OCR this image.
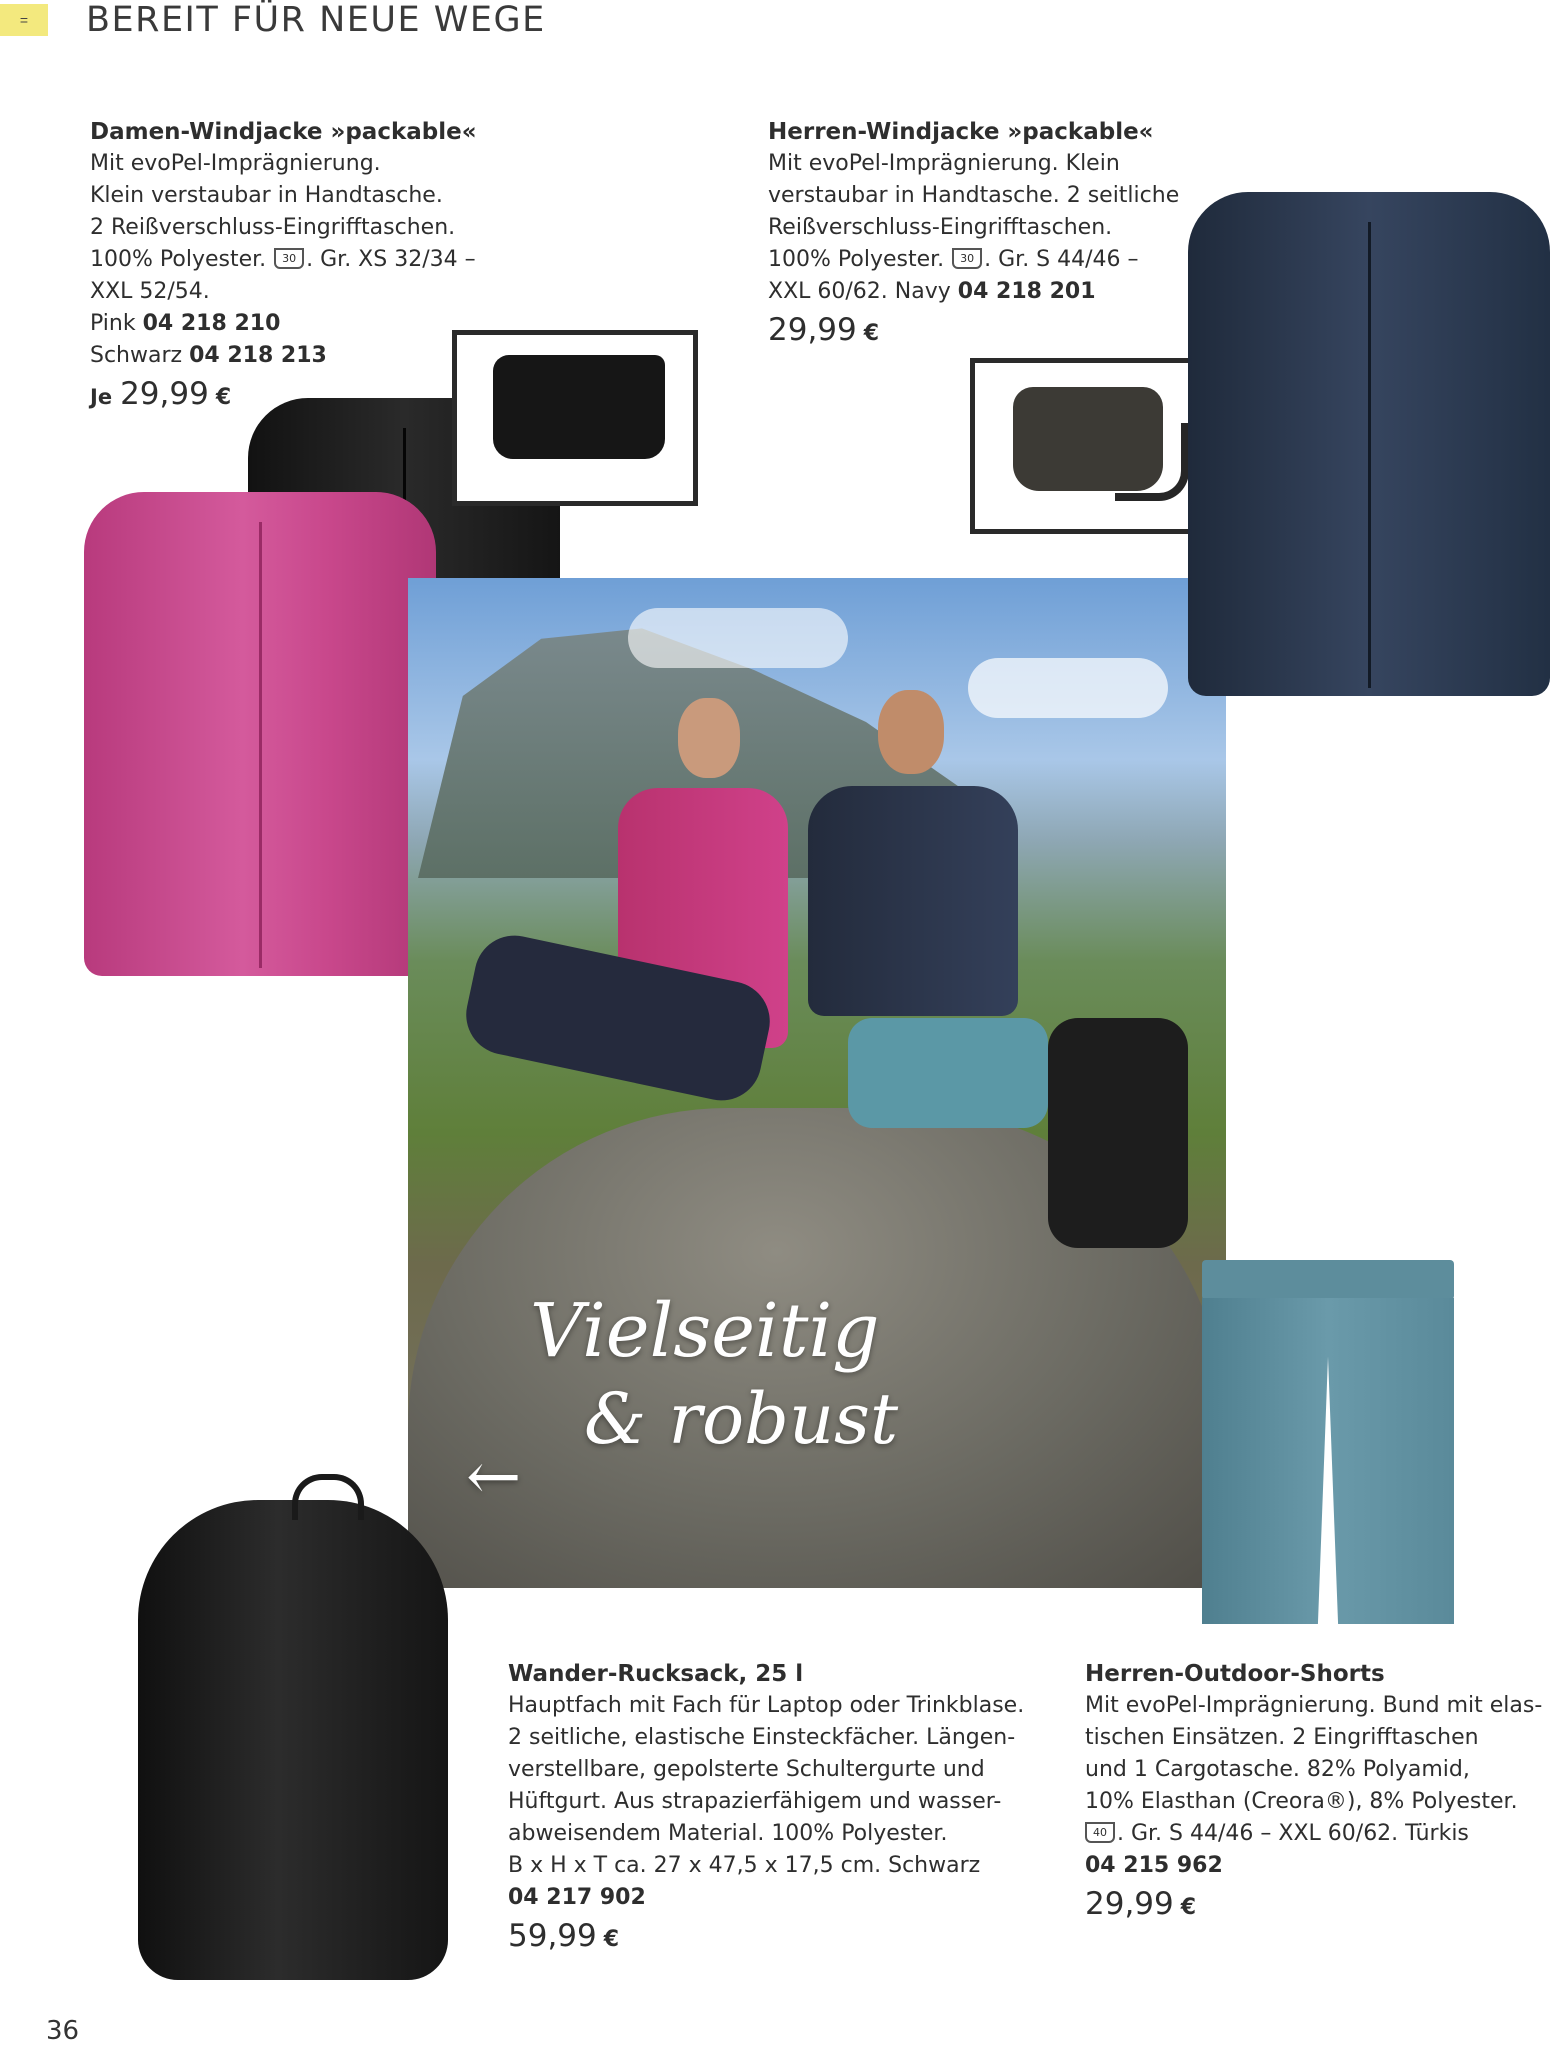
= BEREIT FÜR NEUE WEGE
Damen-Windjacke »packable«
Mit evoPel-Imprägnierung.
Klein verstaubar in Handtasche.
2 Reißverschluss-Eingrifftaschen.
100% Polyester. 30 . Gr. XS 32/34 –
XXL 52/54.
Pink 04 218 210
Schwarz 04 218 213
Je 29,99 €
Herren-Windjacke »packable«
Mit evoPel-Imprägnierung. Klein
verstaubar in Handtasche. 2 seitliche
Reißverschluss-Eingrifftaschen.
100% Polyester. 30 . Gr. S 44/46 –
XXL 60/62. Navy 04 218 201
29,99 €
Vielseitig
& robust
←
Wander-Rucksack, 25 l
Hauptfach mit Fach für Laptop oder Trinkblase.
2 seitliche, elastische Einsteckfächer. Längen-
verstellbare, gepolsterte Schultergurte und
Hüftgurt. Aus strapazierfähigem und wasser-
abweisendem Material. 100% Polyester.
B x H x T ca. 27 x 47,5 x 17,5 cm. Schwarz
04 217 902
59,99 €
Herren-Outdoor-Shorts
Mit evoPel-Imprägnierung. Bund mit elas-
tischen Einsätzen. 2 Eingrifftaschen
und 1 Cargotasche. 82% Polyamid,
10% Elasthan (Creora®), 8% Polyester.
40 . Gr. S 44/46 – XXL 60/62. Türkis
04 215 962
29,99 €
36
